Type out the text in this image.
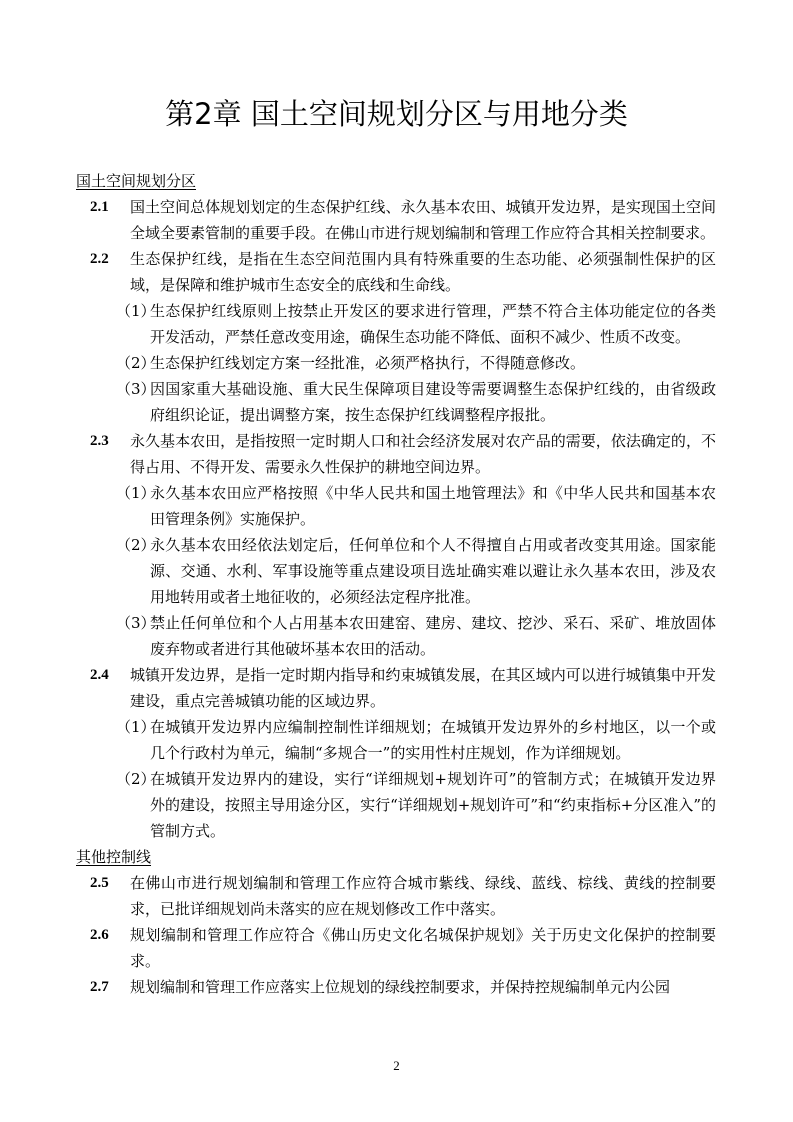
第2章 国土空间规划分区与用地分类
国土空间规划分区
2.1 国土空间总体规划划定的生态保护红线、永久基本农田、城镇开发边界，是实现国土空间全域全要素管制的重要手段。在佛山市进行规划编制和管理工作应符合其相关控制要求。
2.2 生态保护红线，是指在生态空间范围内具有特殊重要的生态功能、必须强制性保护的区域，是保障和维护城市生态安全的底线和生命线。
（1）
生态保护红线原则上按禁止开发区的要求进行管理，严禁不符合主体功能定位的各类开发活动，严禁任意改变用途，确保生态功能不降低、面积不减少、性质不改变。
（2）
生态保护红线划定方案一经批准，必须严格执行，不得随意修改。
（3）
因国家重大基础设施、重大民生保障项目建设等需要调整生态保护红线的，由省级政府组织论证，提出调整方案，按生态保护红线调整程序报批。
2.3 永久基本农田，是指按照一定时期人口和社会经济发展对农产品的需要，依法确定的，不得占用、不得开发、需要永久性保护的耕地空间边界。
（1）
永久基本农田应严格按照《中华人民共和国土地管理法》和《中华人民共和国基本农田管理条例》实施保护。
（2）
永久基本农田经依法划定后，任何单位和个人不得擅自占用或者改变其用途。国家能源、交通、水利、军事设施等重点建设项目选址确实难以避让永久基本农田，涉及农用地转用或者土地征收的，必须经法定程序批准。
（3）
禁止任何单位和个人占用基本农田建窑、建房、建坟、挖沙、采石、采矿、堆放固体废弃物或者进行其他破坏基本农田的活动。
2.4 城镇开发边界，是指一定时期内指导和约束城镇发展，在其区域内可以进行城镇集中开发建设，重点完善城镇功能的区域边界。
（1）
在城镇开发边界内应编制控制性详细规划；在城镇开发边界外的乡村地区，以一个或几个行政村为单元，编制“多规合一”的实用性村庄规划，作为详细规划。
（2）
在城镇开发边界内的建设，实行“详细规划+规划许可”的管制方式；在城镇开发边界外的建设，按照主导用途分区，实行“详细规划+规划许可”和“约束指标+分区准入”的管制方式。
其他控制线
2.5 在佛山市进行规划编制和管理工作应符合城市紫线、绿线、蓝线、棕线、黄线的控制要求，已批详细规划尚未落实的应在规划修改工作中落实。
2.6 规划编制和管理工作应符合《佛山历史文化名城保护规划》关于历史文化保护的控制要求。
2.7 规划编制和管理工作应落实上位规划的绿线控制要求，并保持控规编制单元内公园
2
